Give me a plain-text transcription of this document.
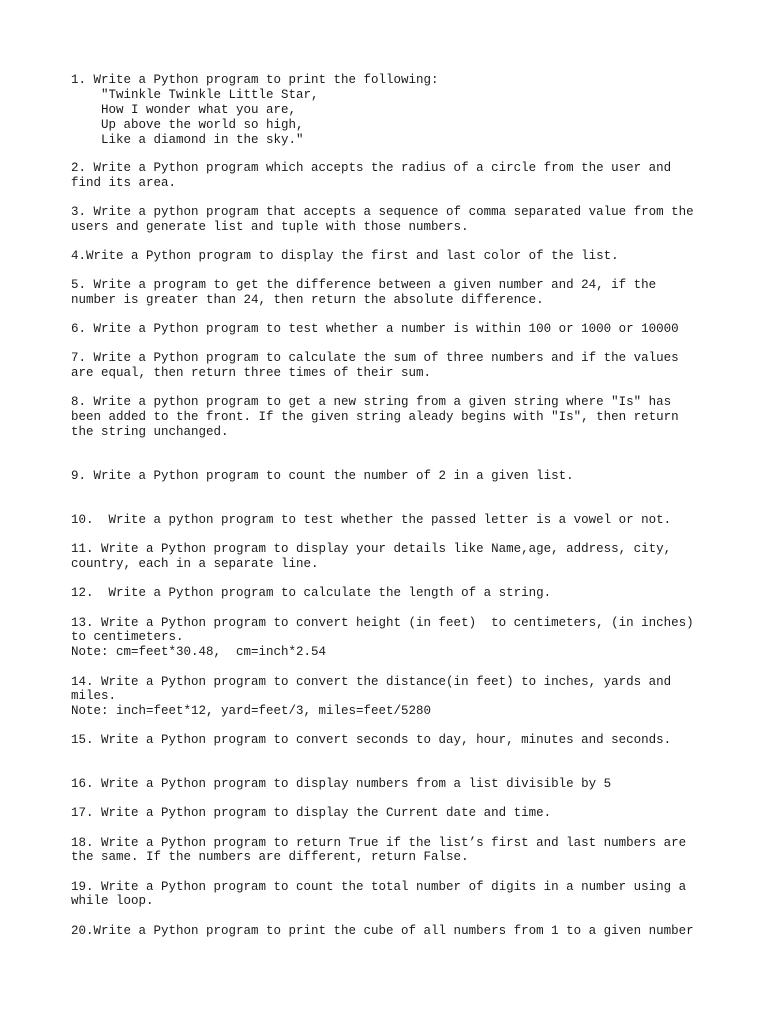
1. Write a Python program to print the following:

"Twinkle Twinkle Little Star,

How I wonder what you are,

Up above the world so high,

Like a diamond in the sky."

2. Write a Python program which accepts the radius of a circle from the user and

find its area.

3. Write a python program that accepts a sequence of comma separated value from the

users and generate list and tuple with those numbers.

4.Write a Python program to display the first and last color of the list.

5. Write a program to get the difference between a given number and 24, if the

number is greater than 24, then return the absolute difference.

6. Write a Python program to test whether a number is within 100 or 1000 or 10000

7. Write a Python program to calculate the sum of three numbers and if the values

are equal, then return three times of their sum.

8. Write a python program to get a new string from a given string where "Is" has

been added to the front. If the given string aleady begins with "Is", then return

the string unchanged.

9. Write a Python program to count the number of 2 in a given list.

10.  Write a python program to test whether the passed letter is a vowel or not.

11. Write a Python program to display your details like Name,age, address, city,

country, each in a separate line.

12.  Write a Python program to calculate the length of a string.

13. Write a Python program to convert height (in feet)  to centimeters, (in inches)

to centimeters.

Note: cm=feet*30.48,  cm=inch*2.54

14. Write a Python program to convert the distance(in feet) to inches, yards and

miles.

Note: inch=feet*12, yard=feet/3, miles=feet/5280

15. Write a Python program to convert seconds to day, hour, minutes and seconds.

16. Write a Python program to display numbers from a list divisible by 5

17. Write a Python program to display the Current date and time.

18. Write a Python program to return True if the list’s first and last numbers are

the same. If the numbers are different, return False.

19. Write a Python program to count the total number of digits in a number using a

while loop.

20.Write a Python program to print the cube of all numbers from 1 to a given number
